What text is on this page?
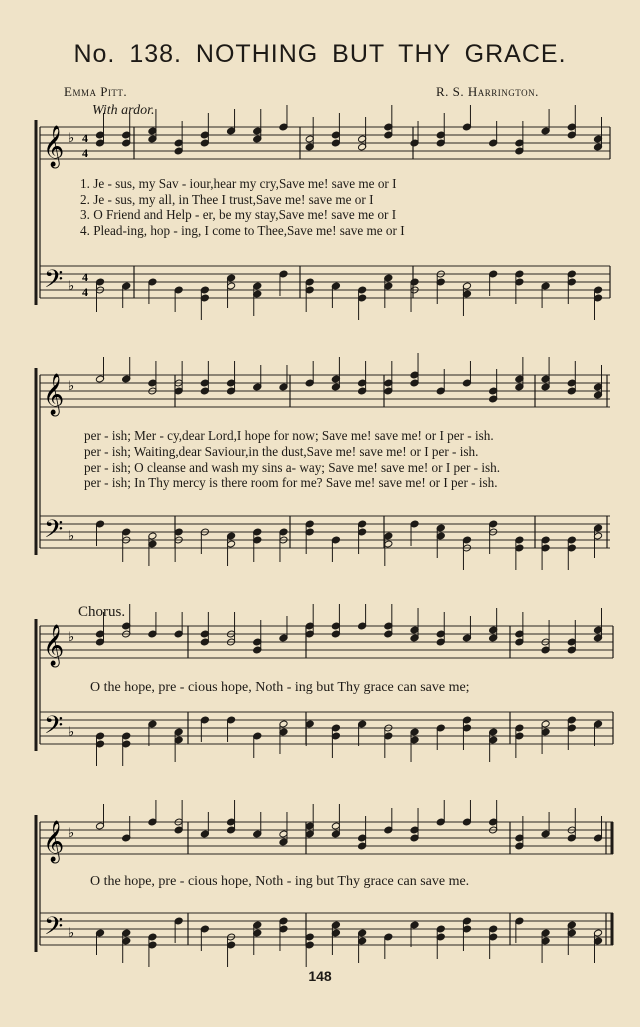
No. 138. NOTHING BUT THY GRACE.
Emma Pitt.	R. S. Harrington.
With ardor.
Chorus.
𝄞
𝄢
♭
♭
4
4
4
4
𝄞
𝄢
♭
♭
𝄞
𝄢
♭
♭
𝄞
𝄢
♭
♭
1. Je - sus, my Sav - iour,hear my cry,Save me! save me or I
2. Je - sus, my all, in Thee I trust,Save me! save me or I
3. O Friend and Help - er, be my stay,Save me! save me or I
4. Plead-ing, hop - ing, I come to Thee,Save me! save me or I
per - ish; Mer - cy,dear Lord,I hope for now; Save me! save me! or I per - ish.
per - ish; Waiting,dear Saviour,in the dust,Save me! save me! or I per - ish.
per - ish; O cleanse and wash my sins a- way; Save me! save me! or I per - ish.
per - ish; In Thy mercy is there room for me? Save me! save me! or I per - ish.
O the hope, pre - cious hope, Noth - ing but Thy grace can save me;
O the hope, pre - cious hope, Noth - ing but Thy grace can save me.
148
